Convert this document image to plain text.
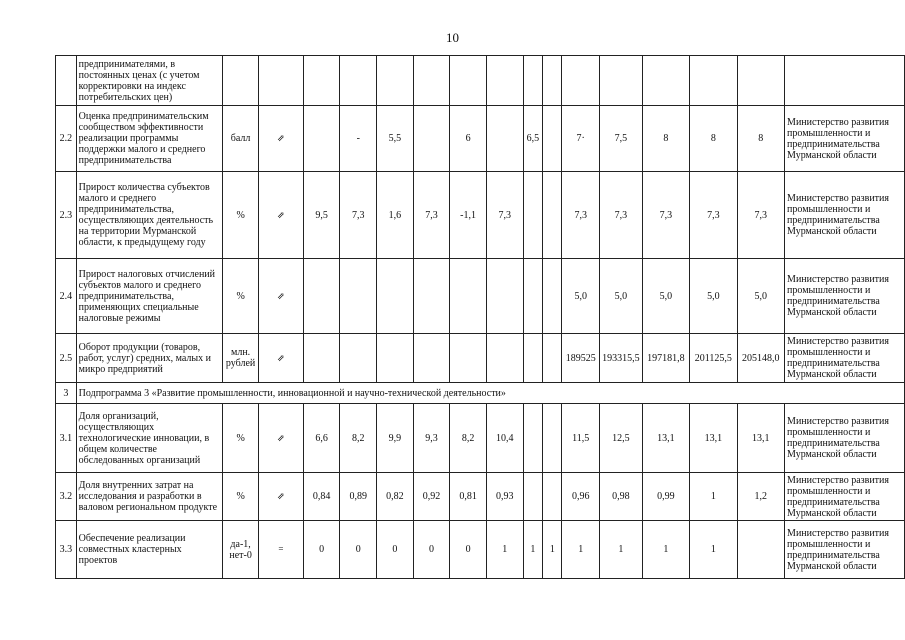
10
	предпринимателями, в постоянных ценах (с учетом корректировки на индекс потребительских цен)																
2.2	Оценка предпринимательским сообществом эффективности реализации программы поддержки малого и среднего предпринимательства	балл	⇗		-	5,5		6		6,5		7·	7,5	8	8	8	Министерство развития промышленности и предпринимательства Мурманской области
2.3	Прирост количества субъектов малого и среднего предпринимательства, осуществляющих деятельность на территории Мурманской области, к предыдущему году	%	⇗	9,5	7,3	1,6	7,3	-1,1	7,3			7,3	7,3	7,3	7,3	7,3	Министерство развития промышленности и предпринимательства Мурманской области
2.4	Прирост налоговых отчислений субъектов малого и среднего предпринимательства, применяющих специальные налоговые режимы	%	⇗									5,0	5,0	5,0	5,0	5,0	Министерство развития промышленности и предпринимательства Мурманской области
2.5	Оборот продукции (товаров, работ, услуг) средних, малых и микро предприятий	млн. рублей	⇗									189525	193315,5	197181,8	201125,5	205148,0	Министерство развития промышленности и предпринимательства Мурманской области
3	Подпрограмма 3 «Развитие промышленности, инновационной и научно-технической деятельности»																
3.1	Доля организаций, осуществляющих технологические инновации, в общем количестве обследованных организаций	%	⇗	6,6	8,2	9,9	9,3	8,2	10,4			11,5	12,5	13,1	13,1	13,1	Министерство развития промышленности и предпринимательства Мурманской области
3.2	Доля внутренних затрат на исследования и разработки в валовом региональном продукте	%	⇗	0,84	0,89	0,82	0,92	0,81	0,93			0,96	0,98	0,99	1	1,2	Министерство развития промышленности и предпринимательства Мурманской области
3.3	Обеспечение реализации совместных кластерных проектов	да-1, нет-0	=	0	0	0	0	0	1	1	1	1	1	1	1		Министерство развития промышленности и предпринимательства Мурманской области
